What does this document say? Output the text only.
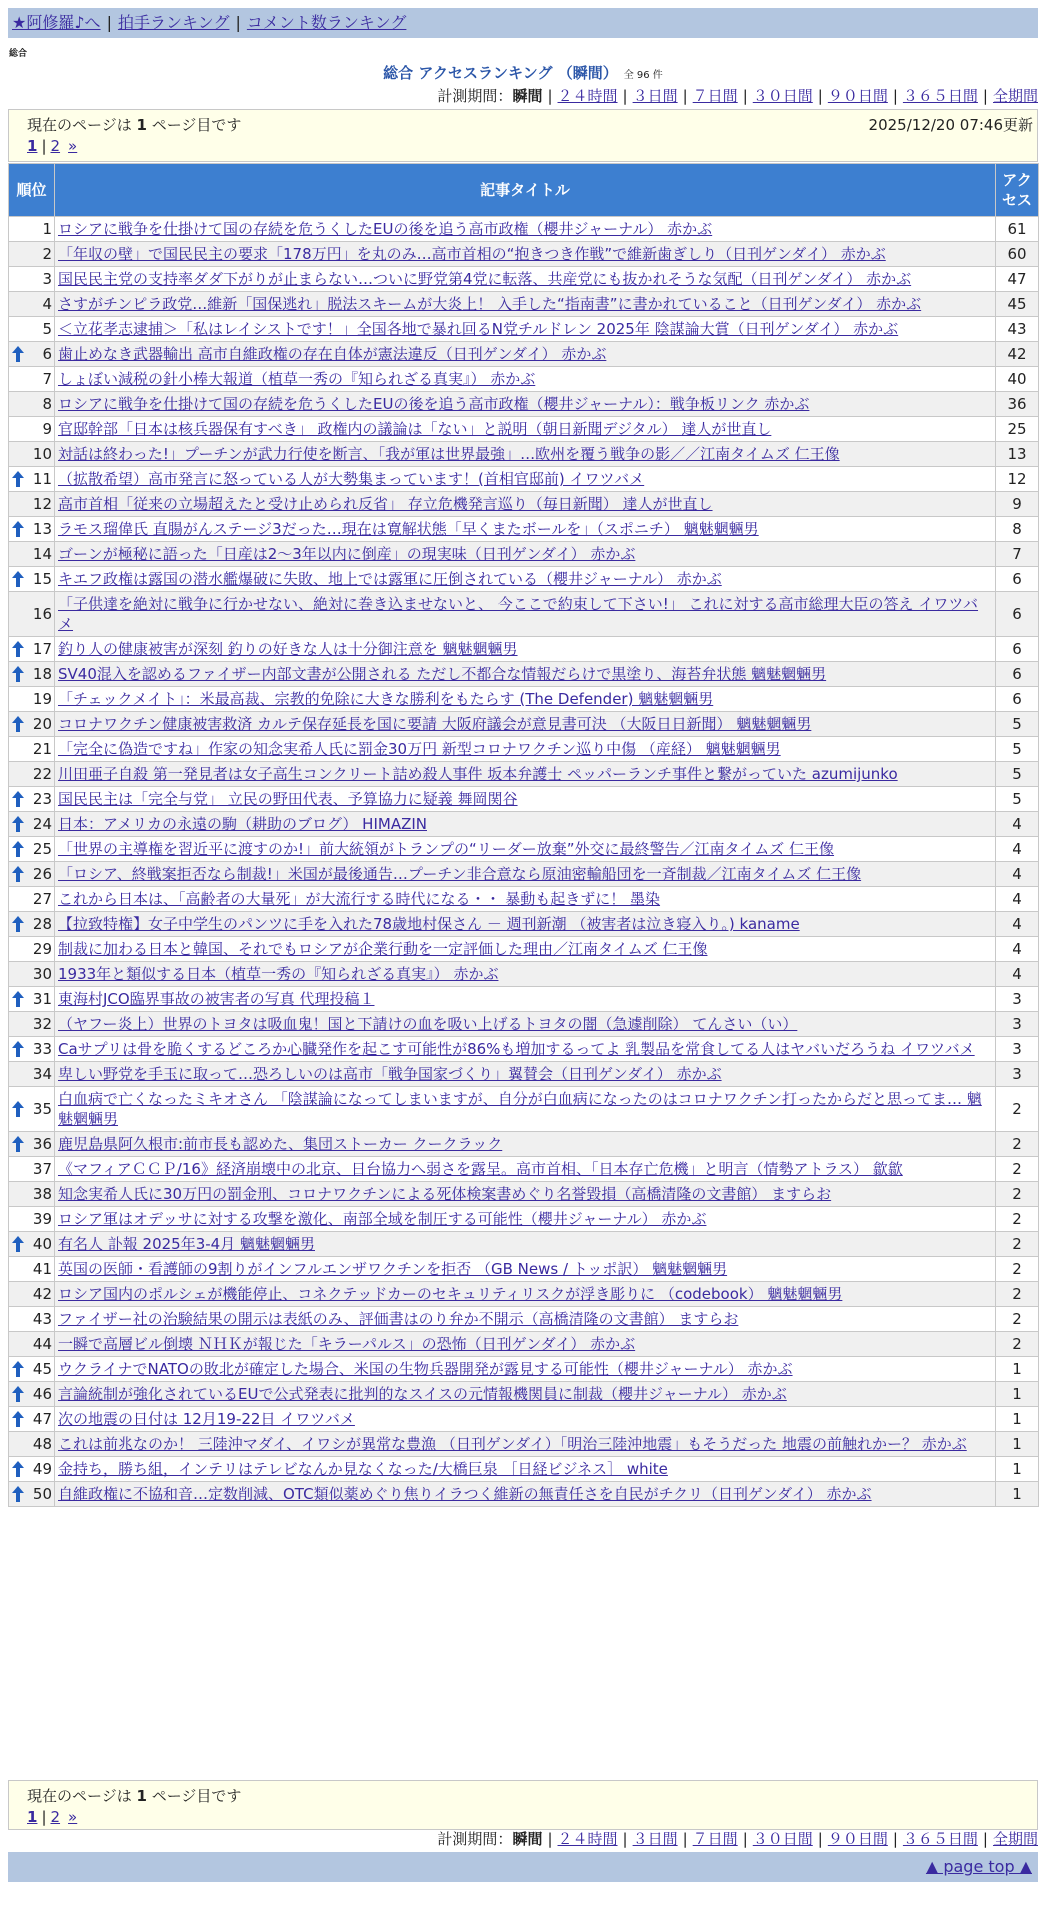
★阿修羅♪へ | 拍手ランキング | コメント数ランキング
総合
総合 アクセスランキング （瞬間） 全 96 件
計測期間：瞬間 | ２４時間 | ３日間 | ７日間 | ３０日間 | ９０日間 | ３６５日間 | 全期間
現在のページは 1 ページ目です	2025/12/20 07:46更新
1 | 2 »
順位	記事タイトル	アクセス
1	ロシアに戦争を仕掛けて国の存続を危うくしたEUの後を追う高市政権（櫻井ジャーナル） 赤かぶ	61
2	「年収の壁」で国民民主の要求「178万円」を丸のみ…高市首相の“抱きつき作戦”で維新歯ぎしり（日刊ゲンダイ） 赤かぶ	60
3	国民民主党の支持率ダダ下がりが止まらない…ついに野党第4党に転落、共産党にも抜かれそうな気配（日刊ゲンダイ） 赤かぶ	47
4	さすがチンピラ政党…維新「国保逃れ」脱法スキームが大炎上！ 入手した“指南書”に書かれていること（日刊ゲンダイ） 赤かぶ	45
5	＜立花孝志逮捕＞「私はレイシストです！」全国各地で暴れ回るN党チルドレン 2025年 陰謀論大賞（日刊ゲンダイ） 赤かぶ	43

6	歯止めなき武器輸出 高市自維政権の存在自体が憲法違反（日刊ゲンダイ） 赤かぶ	42
7	しょぼい減税の針小棒大報道（植草一秀の『知られざる真実』） 赤かぶ	40
8	ロシアに戦争を仕掛けて国の存続を危うくしたEUの後を追う高市政権（櫻井ジャーナル）：戦争板リンク 赤かぶ	36
9	官邸幹部「日本は核兵器保有すべき」 政権内の議論は「ない」と説明（朝日新聞デジタル） 達人が世直し	25
10	対話は終わった!」プーチンが武力行使を断言、「我が軍は世界最強」…欧州を覆う戦争の影／／江南タイムズ 仁王像	13

11	（拡散希望）高市発言に怒っている人が大勢集まっています！(首相官邸前) イワツバメ	12
12	高市首相「従来の立場超えたと受け止められ反省」 存立危機発言巡り（毎日新聞） 達人が世直し	9

13	ラモス瑠偉氏 直腸がんステージ3だった…現在は寛解状態「早くまたボールを」（スポニチ） 魑魅魍魎男	8
14	ゴーンが極秘に語った「日産は2〜3年以内に倒産」の現実味（日刊ゲンダイ） 赤かぶ	7

15	キエフ政権は露国の潜水艦爆破に失敗、地上では露軍に圧倒されている（櫻井ジャーナル） 赤かぶ	6
16	「子供達を絶対に戦争に行かせない、絶対に巻き込ませないと、 今ここで約束して下さい!」 これに対する高市総理大臣の答え イワツバメ	6

17	釣り人の健康被害が深刻 釣りの好きな人は十分御注意を 魑魅魍魎男	6

18	SV40混入を認めるファイザー内部文書が公開される ただし不都合な情報だらけで黒塗り、海苔弁状態 魑魅魍魎男	6
19	「チェックメイト」：米最高裁、宗教的免除に大きな勝利をもたらす (The Defender) 魑魅魍魎男	6

20	コロナワクチン健康被害救済 カルテ保存延長を国に要請 大阪府議会が意見書可決 （大阪日日新聞） 魑魅魍魎男	5
21	「完全に偽造ですね」作家の知念実希人氏に罰金30万円 新型コロナワクチン巡り中傷 （産経） 魑魅魍魎男	5
22	川田亜子自殺 第一発見者は女子高生コンクリート詰め殺人事件 坂本弁護士 ペッパーランチ事件と繋がっていた azumijunko	5

23	国民民主は「完全与党」 立民の野田代表、予算協力に疑義 舞岡関谷	5

24	日本：アメリカの永遠の駒（耕助のブログ） HIMAZIN	4

25	「世界の主導権を習近平に渡すのか!」前大統領がトランプの“リーダー放棄”外交に最終警告／江南タイムズ 仁王像	4

26	「ロシア、終戦案拒否なら制裁!」米国が最後通告…プーチン非合意なら原油密輸船団を一斉制裁／江南タイムズ 仁王像	4
27	これから日本は、「高齢者の大量死」が大流行する時代になる・・ 暴動も起きずに！ 墨染	4

28	【拉致特権】女子中学生のパンツに手を入れた78歳地村保さん － 週刊新潮 （被害者は泣き寝入り。) kaname	4
29	制裁に加わる日本と韓国、それでもロシアが企業行動を一定評価した理由／江南タイムズ 仁王像	4
30	1933年と類似する日本（植草一秀の『知られざる真実』） 赤かぶ	4

31	東海村JCO臨界事故の被害者の写真 代理投稿１	3
32	（ヤフー炎上）世界のトヨタは吸血鬼！国と下請けの血を吸い上げるトヨタの闇（急遽削除） てんさい（い）	3

33	Caサプリは骨を脆くするどころか心臓発作を起こす可能性が86%も増加するってよ 乳製品を常食してる人はヤバいだろうね イワツバメ	3
34	卑しい野党を手玉に取って…恐ろしいのは高市「戦争国家づくり」翼賛会（日刊ゲンダイ） 赤かぶ	3

35	白血病で亡くなったミキオさん 「陰謀論になってしまいますが、自分が白血病になったのはコロナワクチン打ったからだと思ってま… 魑魅魍魎男	2

36	鹿児島県阿久根市:前市長も認めた、集団ストーカー クークラック	2
37	《マフィアＣＣＰ/16》経済崩壊中の北京、日台協力へ弱さを露呈。高市首相、「日本存亡危機」と明言（情勢アトラス） 歙歙	2
38	知念実希人氏に30万円の罰金刑、コロナワクチンによる死体検案書めぐり名誉毀損（高橋清隆の文書館） ますらお	2
39	ロシア軍はオデッサに対する攻撃を激化、南部全域を制圧する可能性（櫻井ジャーナル） 赤かぶ	2

40	有名人 訃報 2025年3-4月 魑魅魍魎男	2
41	英国の医師・看護師の9割りがインフルエンザワクチンを拒否 （GB News / トッポ訳） 魑魅魍魎男	2
42	ロシア国内のポルシェが機能停止、コネクテッドカーのセキュリティリスクが浮き彫りに （codebook） 魑魅魍魎男	2
43	ファイザー社の治験結果の開示は表紙のみ、評価書はのり弁か不開示（高橋清隆の文書館） ますらお	2
44	一瞬で高層ビル倒壊 ＮＨＫが報じた「キラーパルス」の恐怖（日刊ゲンダイ） 赤かぶ	2

45	ウクライナでNATOの敗北が確定した場合、米国の生物兵器開発が露見する可能性（櫻井ジャーナル） 赤かぶ	1

46	言論統制が強化されているEUで公式発表に批判的なスイスの元情報機関員に制裁（櫻井ジャーナル） 赤かぶ	1

47	次の地震の日付は 12月19-22日 イワツバメ	1
48	これは前兆なのか！ 三陸沖マダイ、イワシが異常な豊漁 （日刊ゲンダイ）「明治三陸沖地震」もそうだった 地震の前触れかー？ 赤かぶ	1

49	金持ち，勝ち組，インテリはテレビなんか見なくなった/大橋巨泉 ［日経ビジネス］ white	1

50	自維政権に不協和音…定数削減、OTC類似薬めぐり焦りイラつく維新の無責任さを自民がチクリ（日刊ゲンダイ） 赤かぶ	1
現在のページは 1 ページ目です
1 | 2 »
計測期間：瞬間 | ２４時間 | ３日間 | ７日間 | ３０日間 | ９０日間 | ３６５日間 | 全期間
▲ page top ▲
